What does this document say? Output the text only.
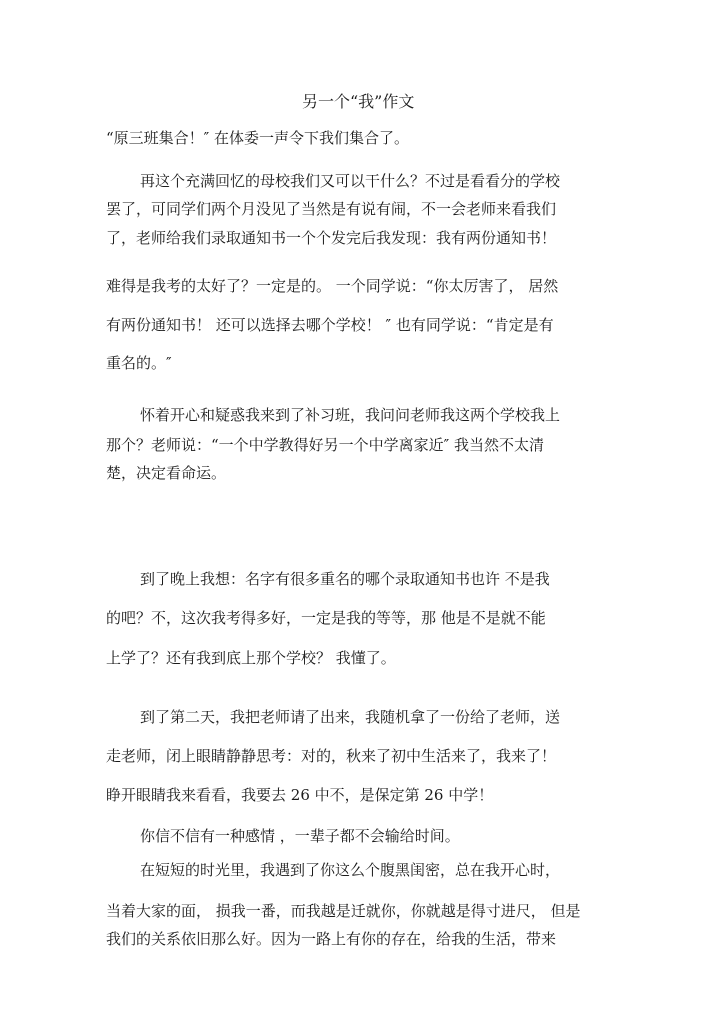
另一个“我”作文
“原三班集合！″ 在体委一声令下我们集合了。
再这个充满回忆的母校我们又可以干什么？不过是看看分的学校
罢了，可同学们两个月没见了当然是有说有闹，不一会老师来看我们
了，老师给我们录取通知书一个个发完后我发现：我有两份通知书！
难得是我考的太好了？一定是的。 一个同学说：“你太厉害了， 居然
有两份通知书！ 还可以选择去哪个学校！ ″ 也有同学说：“肯定是有
重名的。″
怀着开心和疑惑我来到了补习班，我问问老师我这两个学校我上
那个？老师说：“一个中学教得好另一个中学离家近″ 我当然不太清
楚，决定看命运。
到了晚上我想：名字有很多重名的哪个录取通知书也许 不是我
的吧？不，这次我考得多好，一定是我的等等，那 他是不是就不能
上学了？还有我到底上那个学校？ 我懂了。
到了第二天，我把老师请了出来，我随机拿了一份给了老师，送
走老师，闭上眼睛静静思考：对的，秋来了初中生活来了，我来了！
睁开眼睛我来看看，我要去 26 中不，是保定第 26 中学！
你信不信有一种感情 ，一辈子都不会输给时间。
在短短的时光里，我遇到了你这么个腹黑闺密，总在我开心时，
当着大家的面， 损我一番，而我越是迁就你，你就越是得寸进尺， 但是
我们的关系依旧那么好。因为一路上有你的存在，给我的生活，带来
